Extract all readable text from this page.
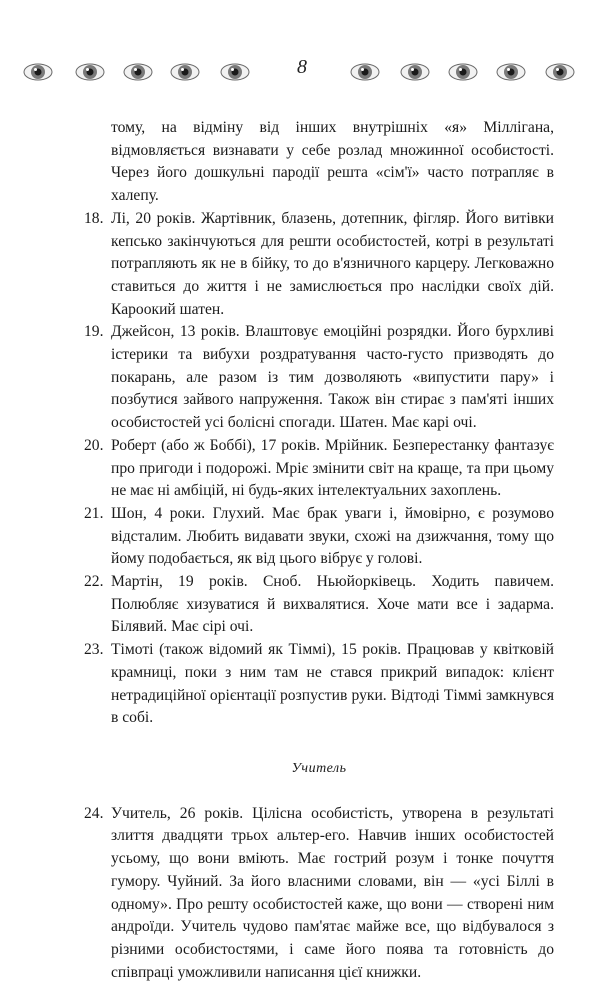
8

тому, на відміну від інших внутрішніх «я» Міллігана, відмовляється визнавати у себе розлад множинної особистості. Через його дошкульні пародії решта «сім'ї» часто потрапляє в халепу.

18. Лі, 20 років. Жартівник, блазень, дотепник, фігляр. Його витівки кепсько закінчуються для решти особистостей, котрі в результаті потрапляють як не в бійку, то до в'язничного карцеру. Легковажно ставиться до життя і не замислюється про наслідки своїх дій. Кароокий шатен.

19. Джейсон, 13 років. Влаштовує емоційні розрядки. Його бурхливі істерики та вибухи роздратування часто-густо призводять до покарань, але разом із тим дозволяють «випустити пару» і позбутися зайвого напруження. Також він стирає з пам'яті інших особистостей усі болісні спогади. Шатен. Має карі очі.

20. Роберт (або ж Боббі), 17 років. Мрійник. Безперестанку фантазує про пригоди і подорожі. Мріє змінити світ на краще, та при цьому не має ні амбіцій, ні будь-яких інтелектуальних захоплень.

21. Шон, 4 роки. Глухий. Має брак уваги і, ймовірно, є розумово відсталим. Любить видавати звуки, схожі на дзижчання, тому що йому подобається, як від цього вібрує у голові.

22. Мартін, 19 років. Сноб. Ньюйорківець. Ходить павичем. Полюбляє хизуватися й вихвалятися. Хоче мати все і задарма. Білявий. Має сірі очі.

23. Тімоті (також відомий як Тіммі), 15 років. Працював у квітковій крамниці, поки з ним там не стався прикрий випадок: клієнт нетрадиційної орієнтації розпустив руки. Відтоді Тіммі замкнувся в собі.

Учитель
24. Учитель, 26 років. Цілісна особистість, утворена в результаті злиття двадцяти трьох альтер-его. Навчив інших особистостей усьому, що вони вміють. Має гострий розум і тонке почуття гумору. Чуйний. За його власними словами, він — «усі Біллі в одному». Про решту особистостей каже, що вони — створені ним андроїди. Учитель чудово пам'ятає майже все, що відбувалося з різними особистостями, і саме його поява та готовність до співпраці уможливили написання цієї книжки.
